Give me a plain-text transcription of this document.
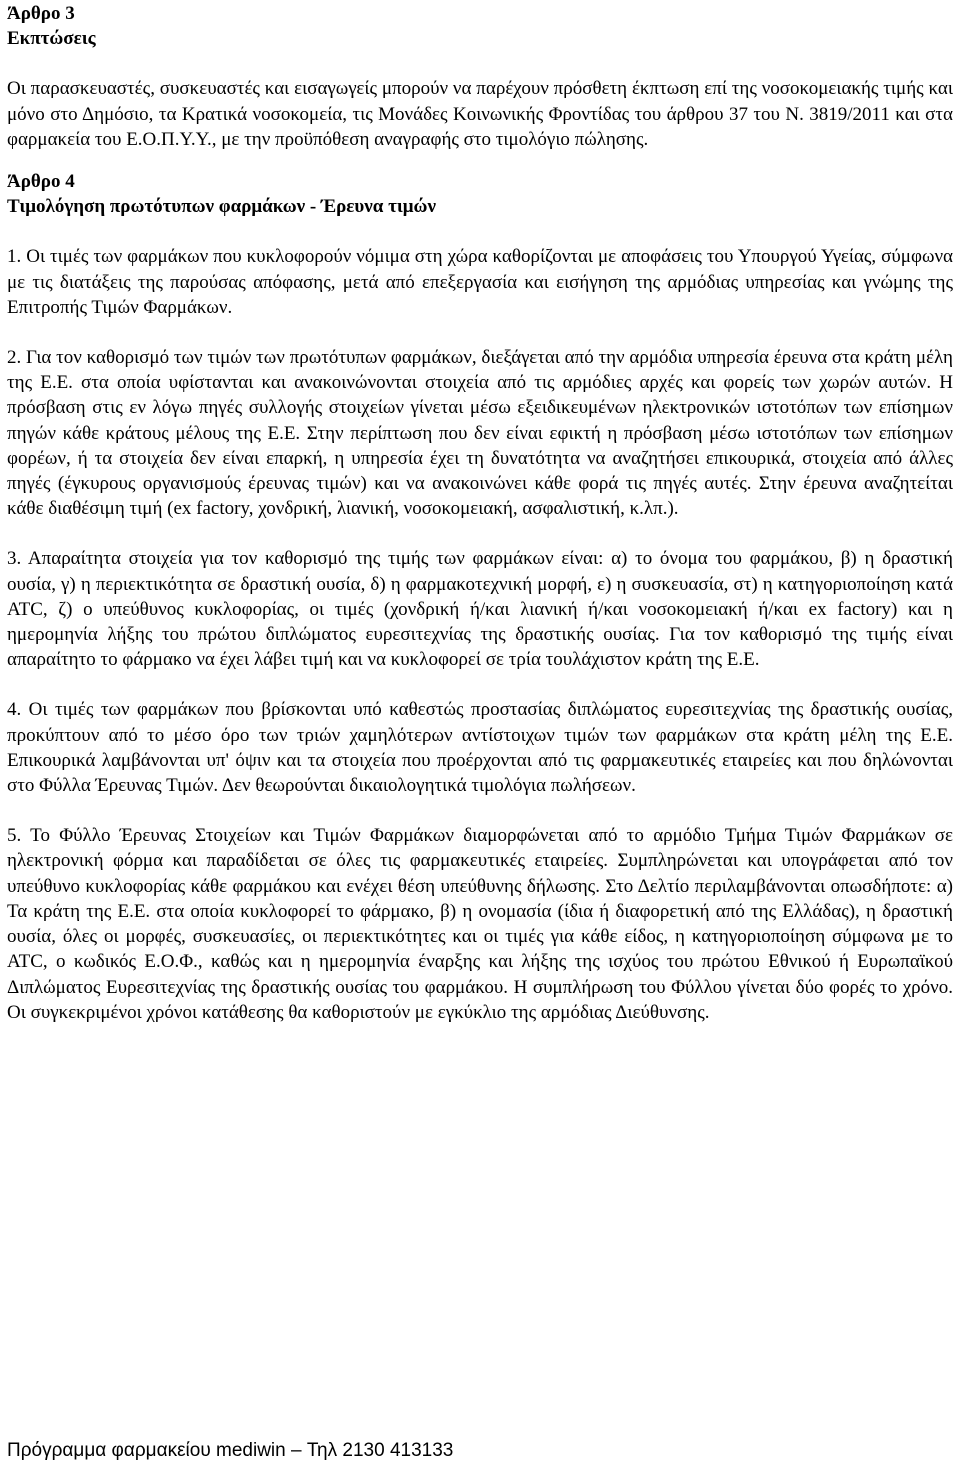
Άρθρο 3

Εκπτώσεις

Οι παρασκευαστές, συσκευαστές και εισαγωγείς μπορούν να παρέχουν πρόσθετη έκπτωση επί της νοσοκομειακής τιμής και μόνο στο Δημόσιο, τα Κρατικά νοσοκομεία, τις Μονάδες Κοινωνικής Φροντίδας του άρθρου 37 του Ν. 3819/2011 και στα φαρμακεία του Ε.Ο.Π.Υ.Υ., με την προϋπόθεση αναγραφής στο τιμολόγιο πώλησης.

Άρθρο 4

Τιμολόγηση πρωτότυπων φαρμάκων - Έρευνα τιμών

1. Οι τιμές των φαρμάκων που κυκλοφορούν νόμιμα στη χώρα καθορίζονται με αποφάσεις του Υπουργού Υγείας, σύμφωνα με τις διατάξεις της παρούσας απόφασης, μετά από επεξεργασία και εισήγηση της αρμόδιας υπηρεσίας και γνώμης της Επιτροπής Τιμών Φαρμάκων.

2. Για τον καθορισμό των τιμών των πρωτότυπων φαρμάκων, διεξάγεται από την αρμόδια υπηρεσία έρευνα στα κράτη μέλη της Ε.Ε. στα οποία υφίστανται και ανακοινώνονται στοιχεία από τις αρμόδιες αρχές και φορείς των χωρών αυτών. Η πρόσβαση στις εν λόγω πηγές συλλογής στοιχείων γίνεται μέσω εξειδικευμένων ηλεκτρονικών ιστοτόπων των επίσημων πηγών κάθε κράτους μέλους της Ε.Ε. Στην περίπτωση που δεν είναι εφικτή η πρόσβαση μέσω ιστοτόπων των επίσημων φορέων, ή τα στοιχεία δεν είναι επαρκή, η υπηρεσία έχει τη δυνατότητα να αναζητήσει επικουρικά, στοιχεία από άλλες πηγές (έγκυρους οργανισμούς έρευνας τιμών) και να ανακοινώνει κάθε φορά τις πηγές αυτές. Στην έρευνα αναζητείται κάθε διαθέσιμη τιμή (ex factory, χονδρική, λιανική, νοσοκομειακή, ασφαλιστική, κ.λπ.).

3. Απαραίτητα στοιχεία για τον καθορισμό της τιμής των φαρμάκων είναι: α) το όνομα του φαρμάκου, β) η δραστική ουσία, γ) η περιεκτικότητα σε δραστική ουσία, δ) η φαρμακοτεχνική μορφή, ε) η συσκευασία, στ) η κατηγοριοποίηση κατά ATC, ζ) ο υπεύθυνος κυκλοφορίας, οι τιμές (χονδρική ή/και λιανική ή/και νοσοκομειακή ή/και ex factory) και η ημερομηνία λήξης του πρώτου διπλώματος ευρεσιτεχνίας της δραστικής ουσίας. Για τον καθορισμό της τιμής είναι απαραίτητο το φάρμακο να έχει λάβει τιμή και να κυκλοφορεί σε τρία τουλάχιστον κράτη της Ε.Ε.

4. Οι τιμές των φαρμάκων που βρίσκονται υπό καθεστώς προστασίας διπλώματος ευρεσιτεχνίας της δραστικής ουσίας, προκύπτουν από το μέσο όρο των τριών χαμηλότερων αντίστοιχων τιμών των φαρμάκων στα κράτη μέλη της Ε.Ε. Επικουρικά λαμβάνονται υπ' όψιν και τα στοιχεία που προέρχονται από τις φαρμακευτικές εταιρείες και που δηλώνονται στο Φύλλα Έρευνας Τιμών. Δεν θεωρούνται δικαιολογητικά τιμολόγια πωλήσεων.

5. Το Φύλλο Έρευνας Στοιχείων και Τιμών Φαρμάκων διαμορφώνεται από το αρμόδιο Τμήμα Τιμών Φαρμάκων σε ηλεκτρονική φόρμα και παραδίδεται σε όλες τις φαρμακευτικές εταιρείες. Συμπληρώνεται και υπογράφεται από τον υπεύθυνο κυκλοφορίας κάθε φαρμάκου και ενέχει θέση υπεύθυνης δήλωσης. Στο Δελτίο περιλαμβάνονται οπωσδήποτε: α) Τα κράτη της Ε.Ε. στα οποία κυκλοφορεί το φάρμακο, β) η ονομασία (ίδια ή διαφορετική από της Ελλάδας), η δραστική ουσία, όλες οι μορφές, συσκευασίες, οι περιεκτικότητες και οι τιμές για κάθε είδος, η κατηγοριοποίηση σύμφωνα με το ATC, ο κωδικός Ε.Ο.Φ., καθώς και η ημερομηνία έναρξης και λήξης της ισχύος του πρώτου Εθνικού ή Ευρωπαϊκού Διπλώματος Ευρεσιτεχνίας της δραστικής ουσίας του φαρμάκου. Η συμπλήρωση του Φύλλου γίνεται δύο φορές το χρόνο. Οι συγκεκριμένοι χρόνοι κατάθεσης θα καθοριστούν με εγκύκλιο της αρμόδιας Διεύθυνσης.

Πρόγραμμα φαρμακείου mediwin – Τηλ 2130 413133
